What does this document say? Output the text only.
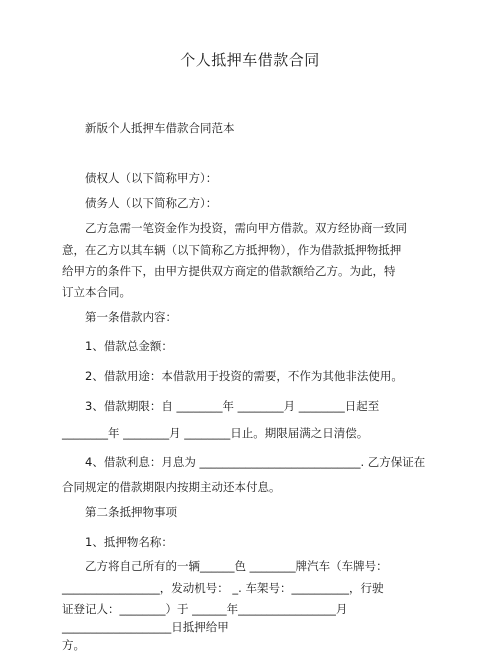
个人抵押车借款合同
新版个人抵押车借款合同范本
债权人（以下简称甲方）：
债务人（以下简称乙方）：
乙方急需一笔资金作为投资，需向甲方借款。双方经协商一致同
意，在乙方以其车辆（以下简称乙方抵押物），作为借款抵押物抵押
给甲方的条件下，由甲方提供双方商定的借款额给乙方。为此，特
订立本合同。
第一条借款内容：
1、借款总金额：
2、借款用途：本借款用于投资的需要，不作为其他非法使用。
3、借款期限：自 ________年 ________月 ________日起至
________年 ________月 ________日止。期限届满之日清偿。
4、借款利息：月息为 ____________________________. 乙方保证在
合同规定的借款期限内按期主动还本付息。
第二条抵押物事项
1、抵押物名称：
乙方将自己所有的一辆______色 ________牌汽车（车牌号：
_________________，发动机号： _. 车架号：__________，行驶
证登记人：________）于 ______年_________________月
___________________日抵押给甲
方。
